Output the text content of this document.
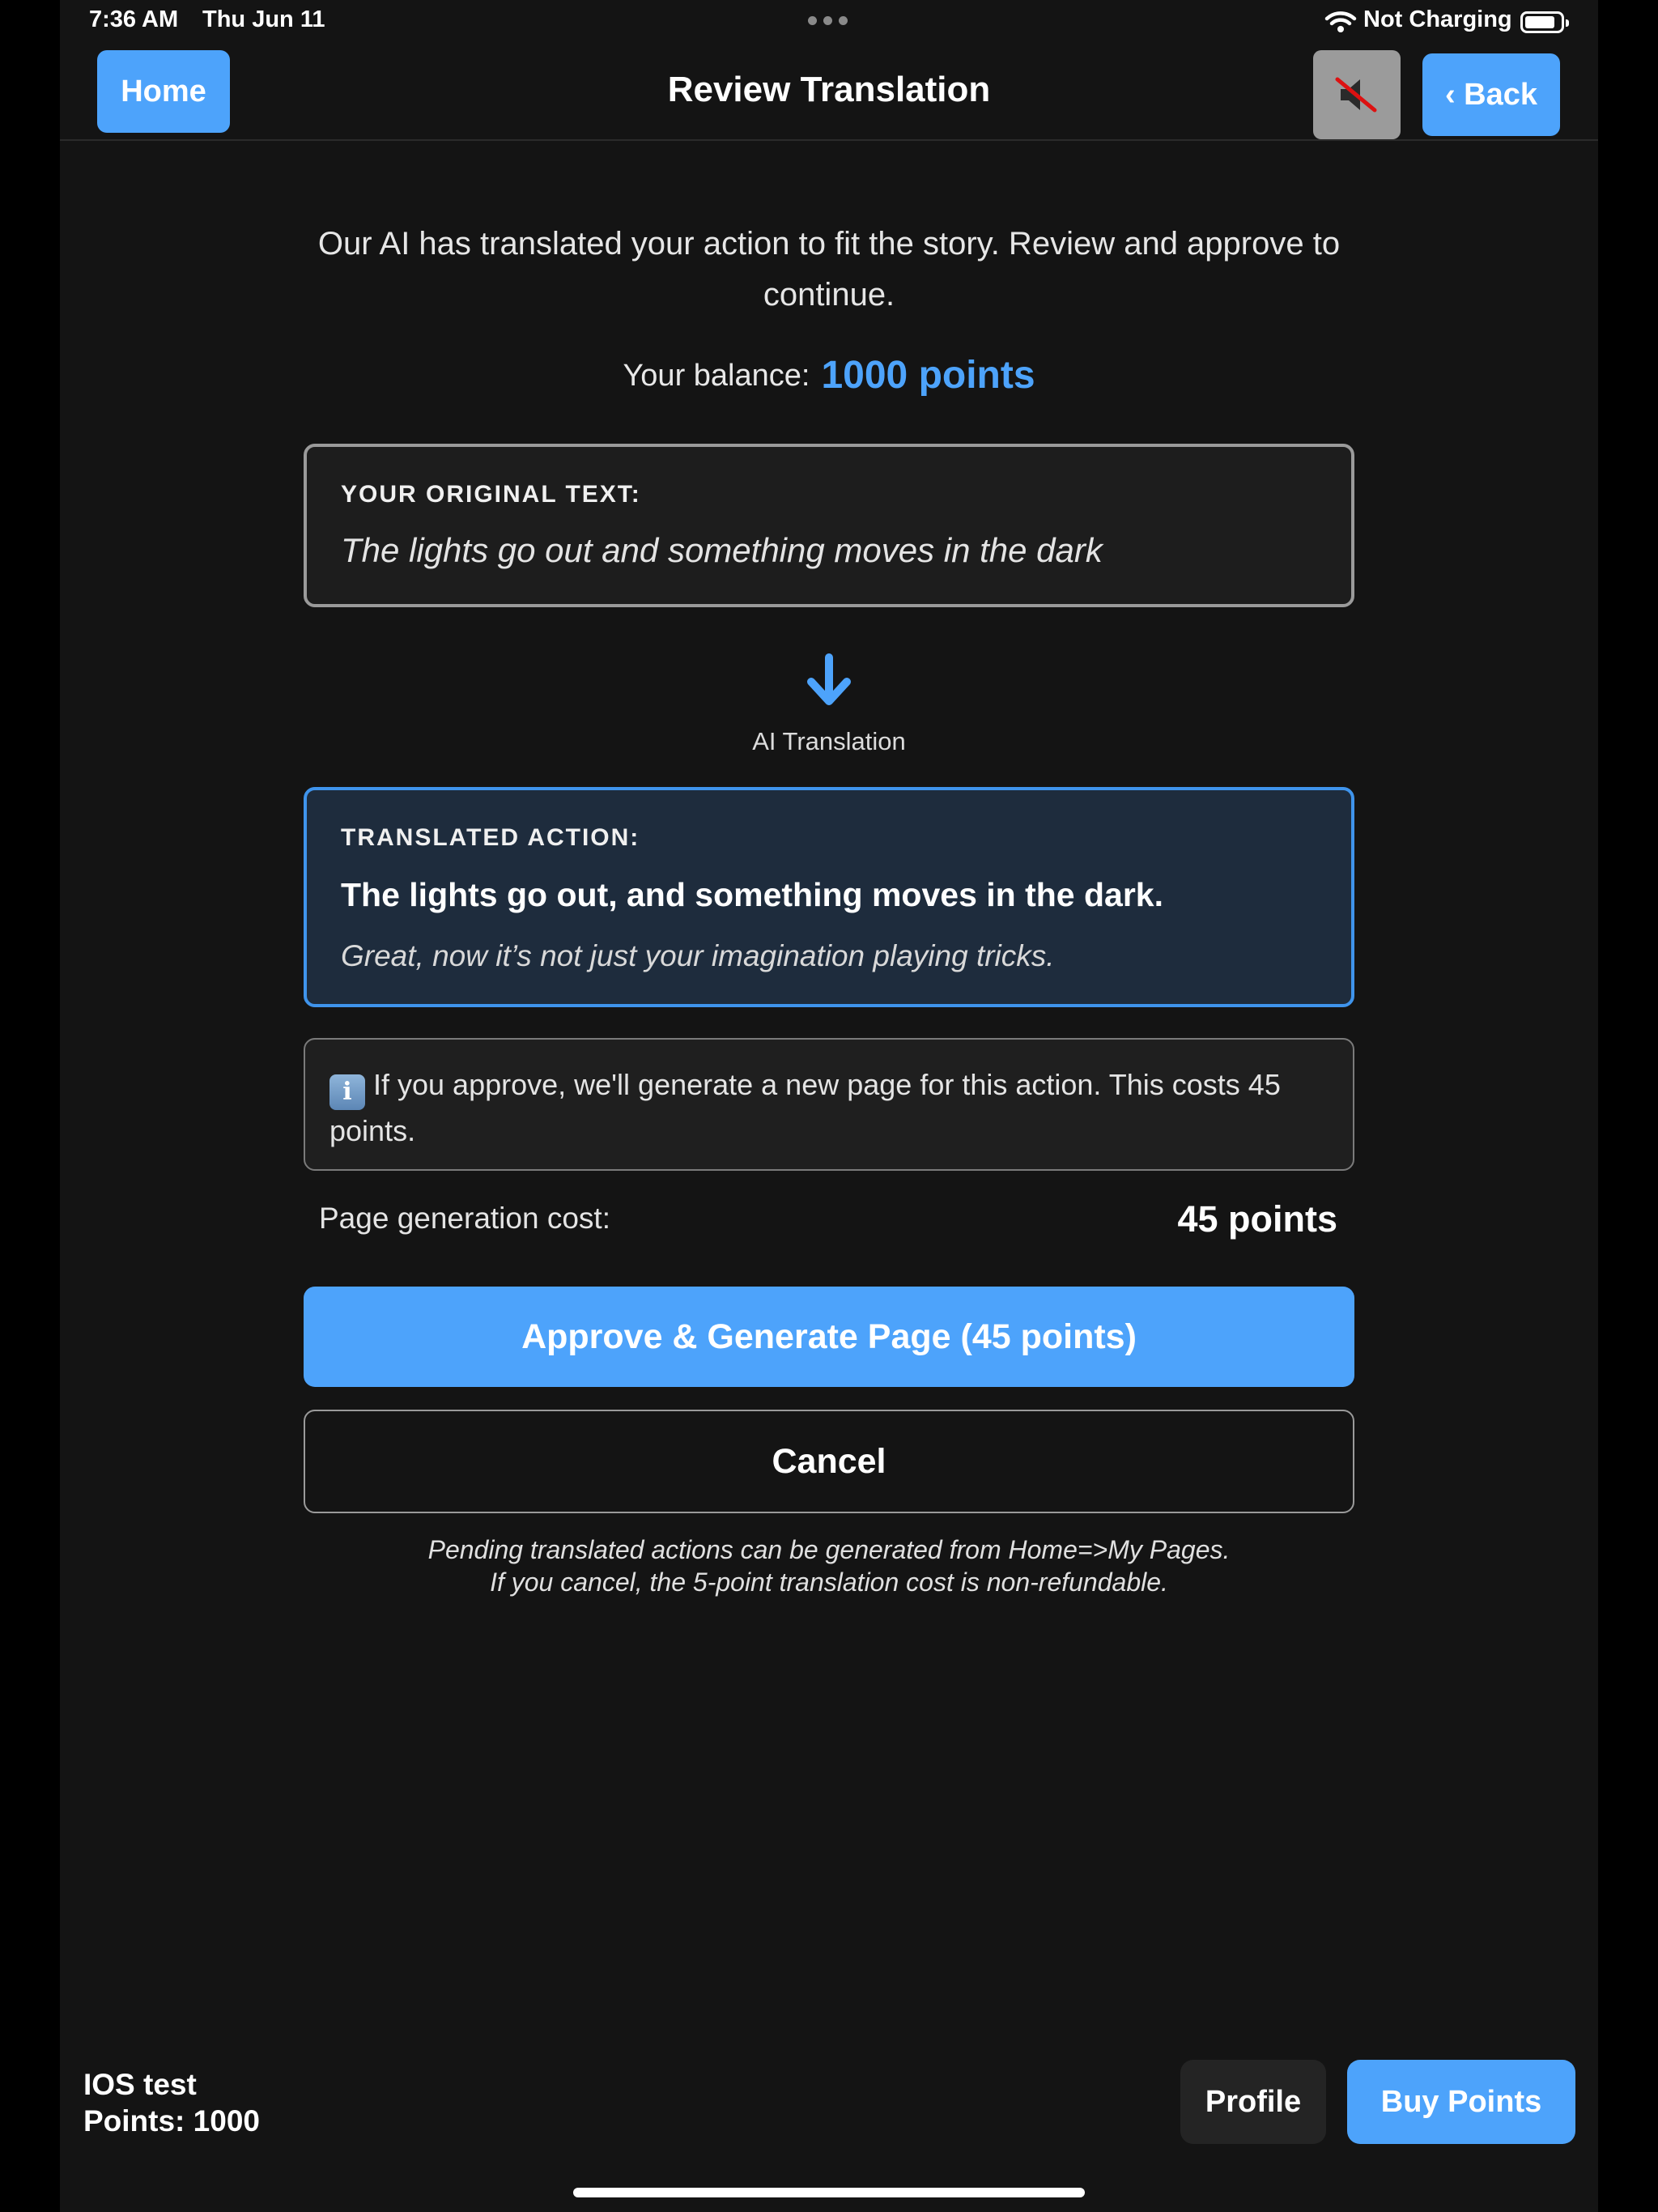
7:36 AM Thu Jun 11	Not Charging
Home	Review Translation	‹ Back
Our AI has translated your action to fit the story. Review and approve to continue.
Your balance: 1000 points
YOUR ORIGINAL TEXT:
The lights go out and something moves in the dark
AI Translation
TRANSLATED ACTION:
The lights go out, and something moves in the dark.
Great, now it’s not just your imagination playing tricks.
i If you approve, we'll generate a new page for this action. This costs 45 points.
Page generation cost:	45 points
Approve & Generate Page (45 points)
Cancel
Pending translated actions can be generated from Home=>My Pages.
If you cancel, the 5-point translation cost is non-refundable.
IOS test
Points: 1000
Profile	Buy Points
